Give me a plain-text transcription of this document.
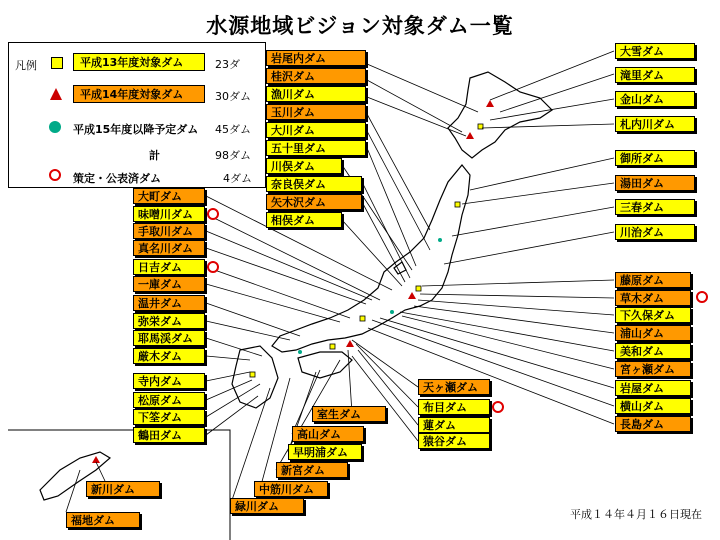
水源地域ビジョン対象ダム一覧
凡例	平成13年度対象ダム	23ダ
平成14年度対象ダム	30ダム
平成15年度以降予定ダム 45ダム
計	98ダム
策定・公表済ダム	4ダム
岩尾内ダム
桂沢ダム
漁川ダム
玉川ダム
大川ダム
五十里ダム
川俣ダム
奈良俣ダム
矢木沢ダム
相俣ダム
大雪ダム
滝里ダム
金山ダム
札内川ダム
御所ダム
湯田ダム
三春ダム
川治ダム
藤原ダム
草木ダム
下久保ダム
浦山ダム
美和ダム
宮ヶ瀬ダム
岩屋ダム
横山ダム
長島ダム
大町ダム
味噌川ダム
手取川ダム
真名川ダム
日吉ダム
一庫ダム
温井ダム
弥栄ダム
耶馬渓ダム
厳木ダム
寺内ダム
松原ダム
下筌ダム
鶴田ダム
天ヶ瀬ダム
布目ダム
蓮ダム
猿谷ダム
室生ダム
高山ダム
早明浦ダム
新宮ダム
中筋川ダム
緑川ダム
新川ダム
福地ダム	平成１４年４月１６日現在
